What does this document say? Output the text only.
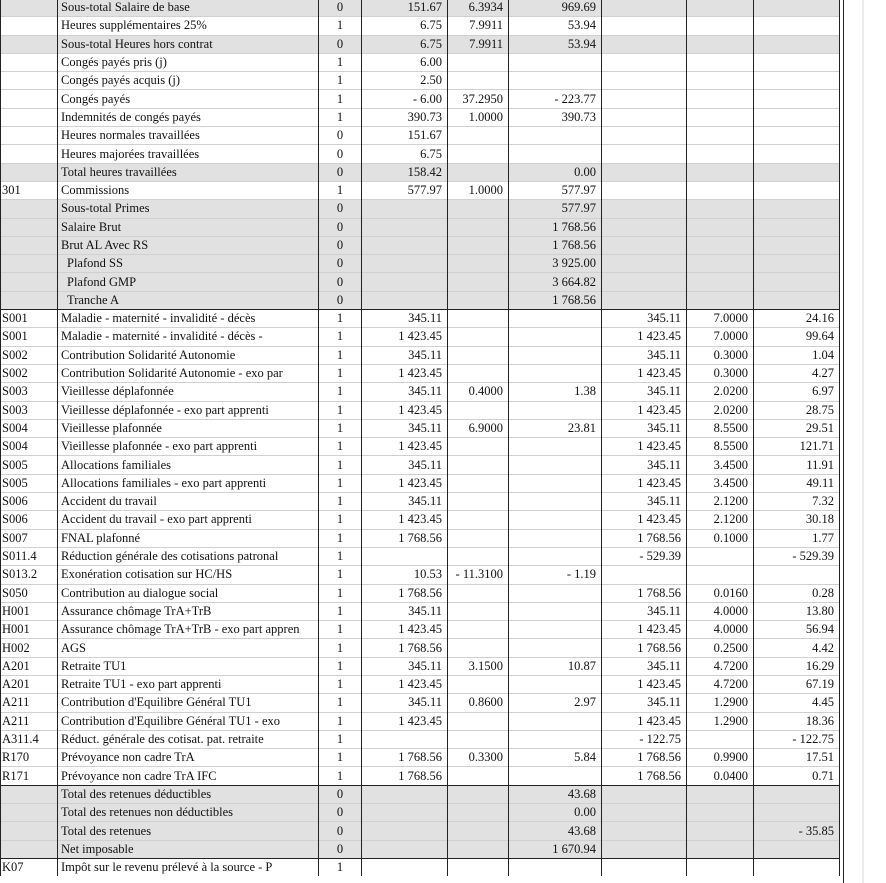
	Sous-total Salaire de base	0	151.67	6.3934	969.69			
	Heures supplémentaires 25%	1	6.75	7.9911	53.94			
	Sous-total Heures hors contrat	0	6.75	7.9911	53.94			
	Congés payés pris (j)	1	6.00					
	Congés payés acquis (j)	1	2.50					
	Congés payés	1	- 6.00	37.2950	- 223.77			
	Indemnités de congés payés	1	390.73	1.0000	390.73			
	Heures normales travaillées	0	151.67					
	Heures majorées travaillées	0	6.75					
	Total heures travaillées	0	158.42		0.00			
301	Commissions	1	577.97	1.0000	577.97			
	Sous-total Primes	0			577.97			
	Salaire Brut	0			1 768.56			
	Brut AL Avec RS	0			1 768.56			
	Plafond SS	0			3 925.00			
	Plafond GMP	0			3 664.82			
	Tranche A	0			1 768.56			
S001	Maladie - maternité - invalidité - décès	1	345.11			345.11	7.0000	24.16
S001	Maladie - maternité - invalidité - décès -	1	1 423.45			1 423.45	7.0000	99.64
S002	Contribution Solidarité Autonomie	1	345.11			345.11	0.3000	1.04
S002	Contribution Solidarité Autonomie - exo par	1	1 423.45			1 423.45	0.3000	4.27
S003	Vieillesse déplafonnée	1	345.11	0.4000	1.38	345.11	2.0200	6.97
S003	Vieillesse déplafonnée - exo part apprenti	1	1 423.45			1 423.45	2.0200	28.75
S004	Vieillesse plafonnée	1	345.11	6.9000	23.81	345.11	8.5500	29.51
S004	Vieillesse plafonnée - exo part apprenti	1	1 423.45			1 423.45	8.5500	121.71
S005	Allocations familiales	1	345.11			345.11	3.4500	11.91
S005	Allocations familiales - exo part apprenti	1	1 423.45			1 423.45	3.4500	49.11
S006	Accident du travail	1	345.11			345.11	2.1200	7.32
S006	Accident du travail - exo part apprenti	1	1 423.45			1 423.45	2.1200	30.18
S007	FNAL plafonné	1	1 768.56			1 768.56	0.1000	1.77
S011.4	Réduction générale des cotisations patronal	1				- 529.39		- 529.39
S013.2	Exonération cotisation sur HC/HS	1	10.53	- 11.3100	- 1.19			
S050	Contribution au dialogue social	1	1 768.56			1 768.56	0.0160	0.28
H001	Assurance chômage TrA+TrB	1	345.11			345.11	4.0000	13.80
H001	Assurance chômage TrA+TrB - exo part appren	1	1 423.45			1 423.45	4.0000	56.94
H002	AGS	1	1 768.56			1 768.56	0.2500	4.42
A201	Retraite TU1	1	345.11	3.1500	10.87	345.11	4.7200	16.29
A201	Retraite TU1 - exo part apprenti	1	1 423.45			1 423.45	4.7200	67.19
A211	Contribution d'Equilibre Général TU1	1	345.11	0.8600	2.97	345.11	1.2900	4.45
A211	Contribution d'Equilibre Général TU1 - exo	1	1 423.45			1 423.45	1.2900	18.36
A311.4	Réduct. générale des cotisat. pat. retraite	1				- 122.75		- 122.75
R170	Prévoyance non cadre TrA	1	1 768.56	0.3300	5.84	1 768.56	0.9900	17.51
R171	Prévoyance non cadre TrA IFC	1	1 768.56			1 768.56	0.0400	0.71
	Total des retenues déductibles	0			43.68			
	Total des retenues non déductibles	0			0.00			
	Total des retenues	0			43.68			- 35.85
	Net imposable	0			1 670.94			
K07	Impôt sur le revenu prélevé à la source - P	1						
